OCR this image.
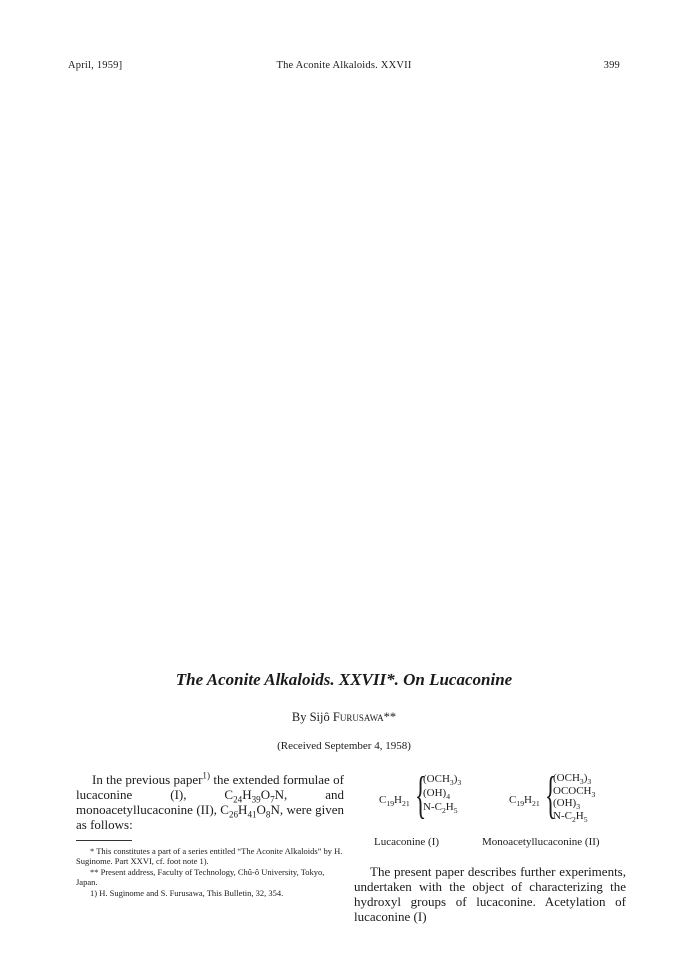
April, 1959]	The Aconite Alkaloids. XXVII	399
The Aconite Alkaloids. XXVII*. On Lucaconine
By Sijô Furusawa**
(Received September 4, 1958)

In the previous paper$^{1)}$ the extended formulae of lucaconine (I), $C_{24}H_{39}O_7N$, and monoacetyllucaconine (II), $C_{26}H_{41}O_8N$, were given as follows:

* This constitutes a part of a series entitled “The Aconite Alkaloids” by H. Suginome. Part XXVI, cf. foot note 1).

** Present address, Faculty of Technology, Chû-ô University, Tokyo, Japan.

1) H. Suginome and S. Furusawa, This Bulletin, 32, 354.

$C_{19}H_{21}$ {
$(OCH_3)_3$
$(OH)_4$
$N-C_2H_5$
$C_{19}H_{21}$ {
$(OCH_3)_3$
$OCOCH_3$
$(OH)_3$
$N-C_2H_5$
Lucaconine (I)	Monoacetyllucaconine (II)

The present paper describes further experiments, undertaken with the object of characterizing the hydroxyl groups of lucaconine. Acetylation of lucaconine (I)
